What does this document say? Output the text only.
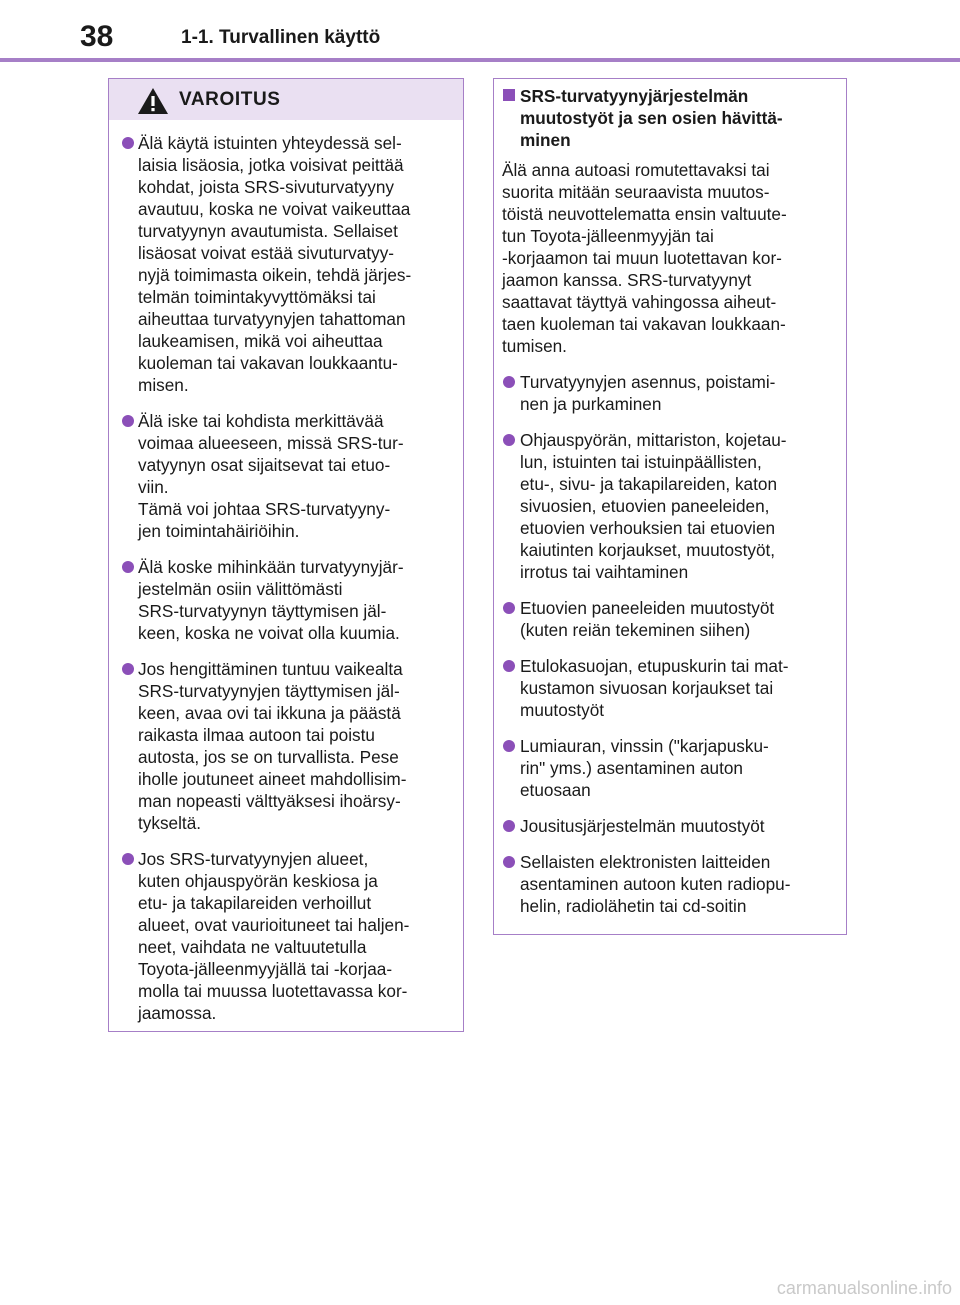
38	1-1. Turvallinen käyttö
VAROITUS
Älä käytä istuinten yhteydessä sel-
laisia lisäosia, jotka voisivat peittää
kohdat, joista SRS-sivuturvatyyny
avautuu, koska ne voivat vaikeuttaa
turvatyynyn avautumista. Sellaiset
lisäosat voivat estää sivuturvatyy-
nyjä toimimasta oikein, tehdä järjes-
telmän toimintakyvyttömäksi tai
aiheuttaa turvatyynyjen tahattoman
laukeamisen, mikä voi aiheuttaa
kuoleman tai vakavan loukkaantu-
misen.
Älä iske tai kohdista merkittävää
voimaa alueeseen, missä SRS-tur-
vatyynyn osat sijaitsevat tai etuo-
viin.
Tämä voi johtaa SRS-turvatyyny-
jen toimintahäiriöihin.
Älä koske mihinkään turvatyynyjär-
jestelmän osiin välittömästi
SRS-turvatyynyn täyttymisen jäl-
keen, koska ne voivat olla kuumia.
Jos hengittäminen tuntuu vaikealta
SRS-turvatyynyjen täyttymisen jäl-
keen, avaa ovi tai ikkuna ja päästä
raikasta ilmaa autoon tai poistu
autosta, jos se on turvallista. Pese
iholle joutuneet aineet mahdollisim-
man nopeasti välttyäksesi ihoärsy-
tykseltä.
Jos SRS-turvatyynyjen alueet,
kuten ohjauspyörän keskiosa ja
etu- ja takapilareiden verhoillut
alueet, ovat vaurioituneet tai haljen-
neet, vaihdata ne valtuutetulla
Toyota-jälleenmyyjällä tai -korjaa-
molla tai muussa luotettavassa kor-
jaamossa.
SRS-turvatyynyjärjestelmän
muutostyöt ja sen osien hävittä-
minen
Älä anna autoasi romutettavaksi tai
suorita mitään seuraavista muutos-
töistä neuvottelematta ensin valtuute-
tun Toyota-jälleenmyyjän tai
-korjaamon tai muun luotettavan kor-
jaamon kanssa. SRS-turvatyynyt
saattavat täyttyä vahingossa aiheut-
taen kuoleman tai vakavan loukkaan-
tumisen.
Turvatyynyjen asennus, poistami-
nen ja purkaminen
Ohjauspyörän, mittariston, kojetau-
lun, istuinten tai istuinpäällisten,
etu-, sivu- ja takapilareiden, katon
sivuosien, etuovien paneeleiden,
etuovien verhouksien tai etuovien
kaiutinten korjaukset, muutostyöt,
irrotus tai vaihtaminen
Etuovien paneeleiden muutostyöt
(kuten reiän tekeminen siihen)
Etulokasuojan, etupuskurin tai mat-
kustamon sivuosan korjaukset tai
muutostyöt
Lumiauran, vinssin ("karjapusku-
rin" yms.) asentaminen auton
etuosaan
Jousitusjärjestelmän muutostyöt
Sellaisten elektronisten laitteiden
asentaminen autoon kuten radiopu-
helin, radiolähetin tai cd-soitin
carmanualsonline.info
